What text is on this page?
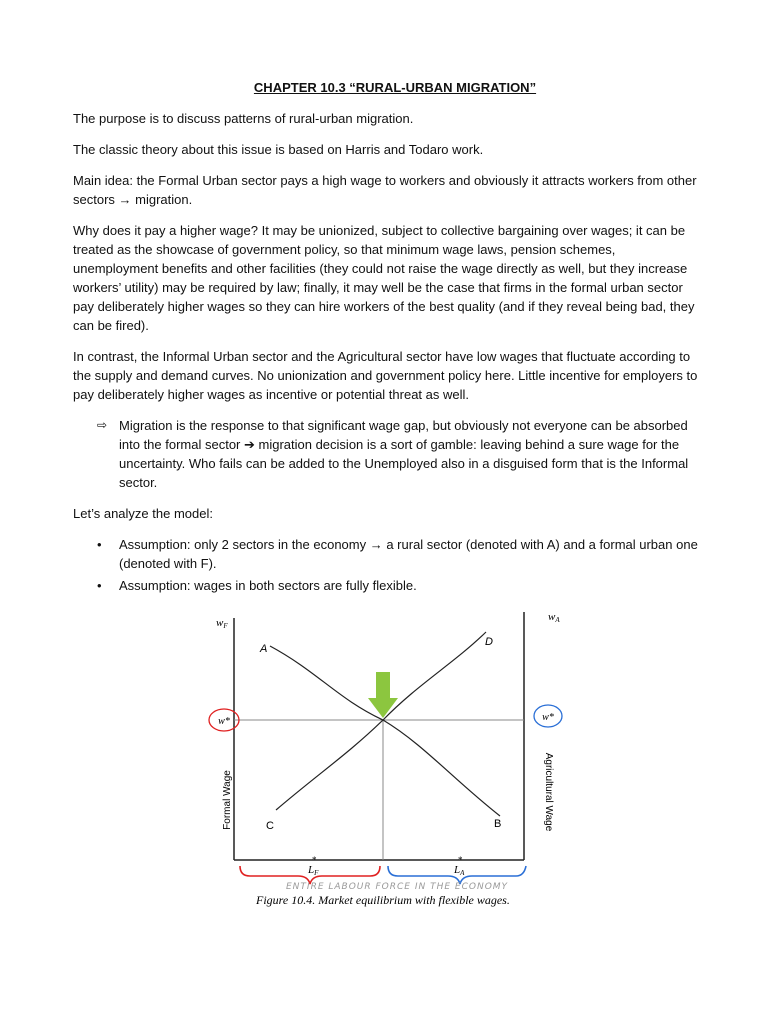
CHAPTER 10.3 “RURAL-URBAN MIGRATION”

The purpose is to discuss patterns of rural-urban migration.

The classic theory about this issue is based on Harris and Todaro work.

Main idea: the Formal Urban sector pays a high wage to workers and obviously it attracts workers from other sectors → migration.

Why does it pay a higher wage? It may be unionized, subject to collective bargaining over wages; it can be treated as the showcase of government policy, so that minimum wage laws, pension schemes, unemployment benefits and other facilities (they could not raise the wage directly as well, but they increase workers’ utility) may be required by law; finally, it may well be the case that firms in the formal urban sector pay deliberately higher wages so they can hire workers of the best quality (and if they reveal being bad, they can be fired).

In contrast, the Informal Urban sector and the Agricultural sector have low wages that fluctuate according to the supply and demand curves. No unionization and government policy here. Little incentive for employers to pay deliberately higher wages as incentive or potential threat as well.

⇨ Migration is the response to that significant wage gap, but obviously not everyone can be absorbed into the formal sector ➔ migration decision is a sort of gamble: leaving behind a sure wage for the uncertainty. Who fails can be added to the Unemployed also in a disguised form that is the Informal sector.

Let’s analyze the model:

• Assumption: only 2 sectors in the economy → a rural sector (denoted with A) and a formal urban one (denoted with F).
• Assumption: wages in both sectors are fully flexible.
A
D
C	B
wF
wA
Formal Wage	Agricultural Wage
w*	w*
LF
*
LA
*
ENTIRE LABOUR FORCE IN THE ECONOMY
Figure 10.4. Market equilibrium with flexible wages.
